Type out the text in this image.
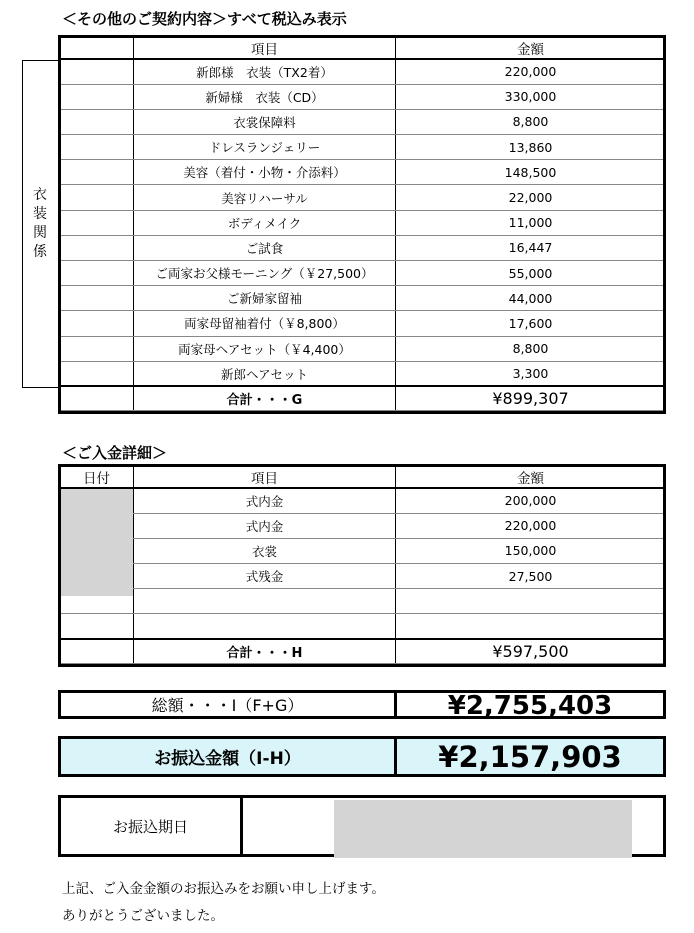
＜その他のご契約内容＞すべて税込み表示
衣
装
関
係
	項目	金額
	新郎様　衣装（TX2着）	220,000
	新婦様　衣装（CD）	330,000
	衣裳保障料	8,800
	ドレスランジェリー	13,860
	美容（着付・小物・介添料）	148,500
	美容リハーサル	22,000
	ボディメイク	11,000
	ご試食	16,447
	ご両家お父様モーニング（￥27,500）	55,000
	ご新婦家留袖	44,000
	両家母留袖着付（￥8,800）	17,600
	両家母ヘアセット（￥4,400）	8,800
	新郎ヘアセット	3,300
	合計・・・G	¥899,307
＜ご入金詳細＞
日付	項目	金額
	式内金	200,000
	式内金	220,000
	衣裳	150,000
	式残金	27,500

	合計・・・H	¥597,500
総額・・・I（F+G）	¥2,755,403
お振込金額（I-H）	¥2,157,903
お振込期日
上記、ご入金金額のお振込みをお願い申し上げます。
ありがとうございました。
